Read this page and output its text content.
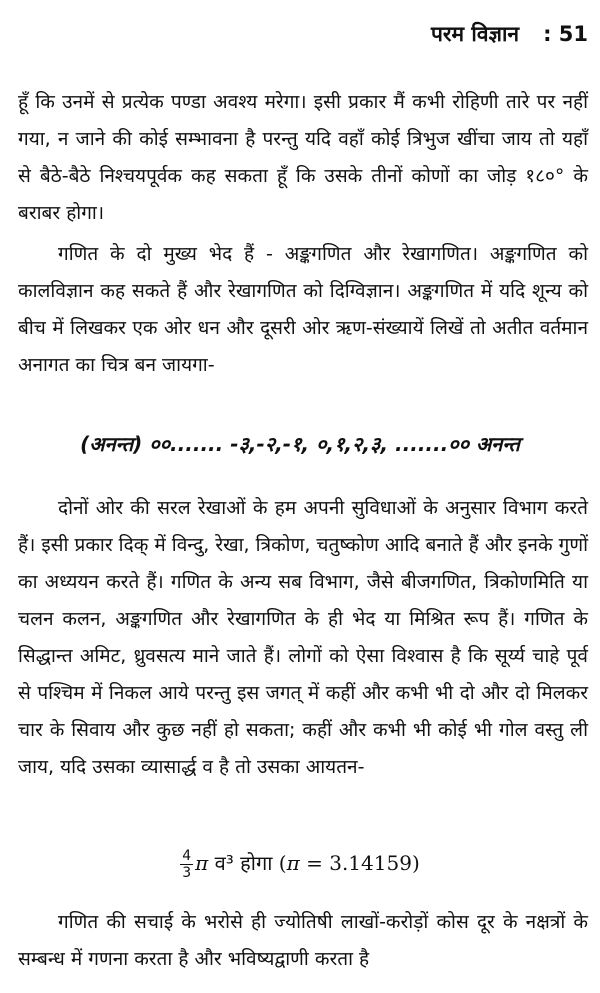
परम विज्ञान : 51
हूँ कि उनमें से प्रत्येक पण्डा अवश्य मरेगा। इसी प्रकार मैं कभी रोहिणी तारे पर नहीं गया, न जाने की कोई सम्भावना है परन्तु यदि वहाँ कोई त्रिभुज खींचा जाय तो यहाँ से बैठे-बैठे निश्चयपूर्वक कह सकता हूँ कि उसके तीनों कोणों का जोड़ १८०° के बराबर होगा।
गणित के दो मुख्य भेद हैं - अङ्कगणित और रेखागणित। अङ्कगणित को कालविज्ञान कह सकते हैं और रेखागणित को दिग्विज्ञान। अङ्कगणित में यदि शून्य को बीच में लिखकर एक ओर धन और दूसरी ओर ऋण-संख्यायें लिखें तो अतीत वर्तमान अनागत का चित्र बन जायगा-
(अनन्त) ००....... -३,-२,-१, ०,१,२,३, .......०० अनन्त
दोनों ओर की सरल रेखाओं के हम अपनी सुविधाओं के अनुसार विभाग करते हैं। इसी प्रकार दिक् में विन्दु, रेखा, त्रिकोण, चतुष्कोण आदि बनाते हैं और इनके गुणों का अध्ययन करते हैं। गणित के अन्य सब विभाग, जैसे बीजगणित, त्रिकोणमिति या चलन कलन, अङ्कगणित और रेखागणित के ही भेद या मिश्रित रूप हैं। गणित के सिद्धान्त अमिट, ध्रुवसत्य माने जाते हैं। लोगों को ऐसा विश्वास है कि सूर्य्य चाहे पूर्व से पश्चिम में निकल आये परन्तु इस जगत् में कहीं और कभी भी दो और दो मिलकर चार के सिवाय और कुछ नहीं हो सकता; कहीं और कभी भी कोई भी गोल वस्तु ली जाय, यदि उसका व्यासार्द्ध व है तो उसका आयतन-
$\frac{4}{3}$ π व³ होगा (π = 3.14159)
गणित की सचाई के भरोसे ही ज्योतिषी लाखों-करोड़ों कोस दूर के नक्षत्रों के सम्बन्ध में गणना करता है और भविष्यद्वाणी करता है
